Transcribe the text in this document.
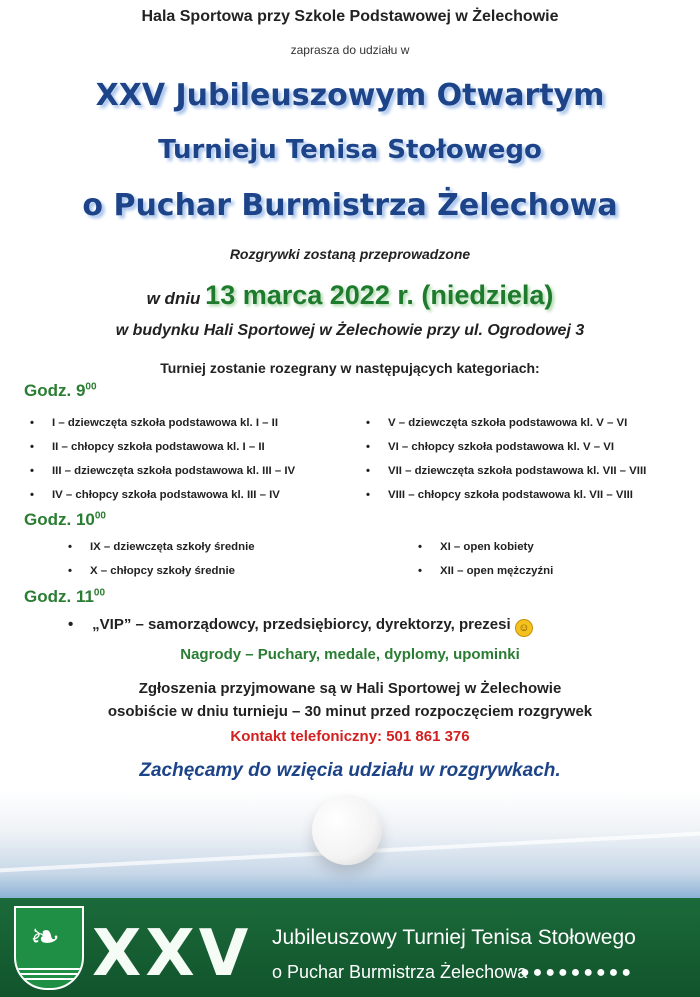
Hala Sportowa przy Szkole Podstawowej w Żelechowie
zaprasza do udziału w
XXV Jubileuszowym Otwartym
Turnieju Tenisa Stołowego
o Puchar Burmistrza Żelechowa
Rozgrywki zostaną przeprowadzone
w dniu 13 marca 2022 r. (niedziela)
w budynku Hali Sportowej w Żelechowie przy ul. Ogrodowej 3
Turniej zostanie rozegrany w następujących kategoriach:
Godz. $9^{00}$
• I – dziewczęta szkoła podstawowa kl. I – II
• II – chłopcy szkoła podstawowa kl. I – II
• III – dziewczęta szkoła podstawowa kl. III – IV
• IV – chłopcy szkoła podstawowa kl. III – IV
• V – dziewczęta szkoła podstawowa kl. V – VI
• VI – chłopcy szkoła podstawowa kl. V – VI
• VII – dziewczęta szkoła podstawowa kl. VII – VIII
• VIII – chłopcy szkoła podstawowa kl. VII – VIII
Godz. $10^{00}$
• IX – dziewczęta szkoły średnie
• X – chłopcy szkoły średnie
• XI – open kobiety
• XII – open mężczyźni
Godz. $11^{00}$
• „VIP” – samorządowcy, przedsiębiorcy, dyrektorzy, prezesi ☺
Nagrody – Puchary, medale, dyplomy, upominki
Zgłoszenia przyjmowane są w Hali Sportowej w Żelechowie
osobiście w dniu turnieju – 30 minut przed rozpoczęciem rozgrywek
Kontakt telefoniczny: 501 861 376
Zachęcamy do wzięcia udziału w rozgrywkach.
❧ XXV Jubileuszowy Turniej Tenisa Stołowego
o Puchar Burmistrza Żelechowa
●●●●●●●●●
